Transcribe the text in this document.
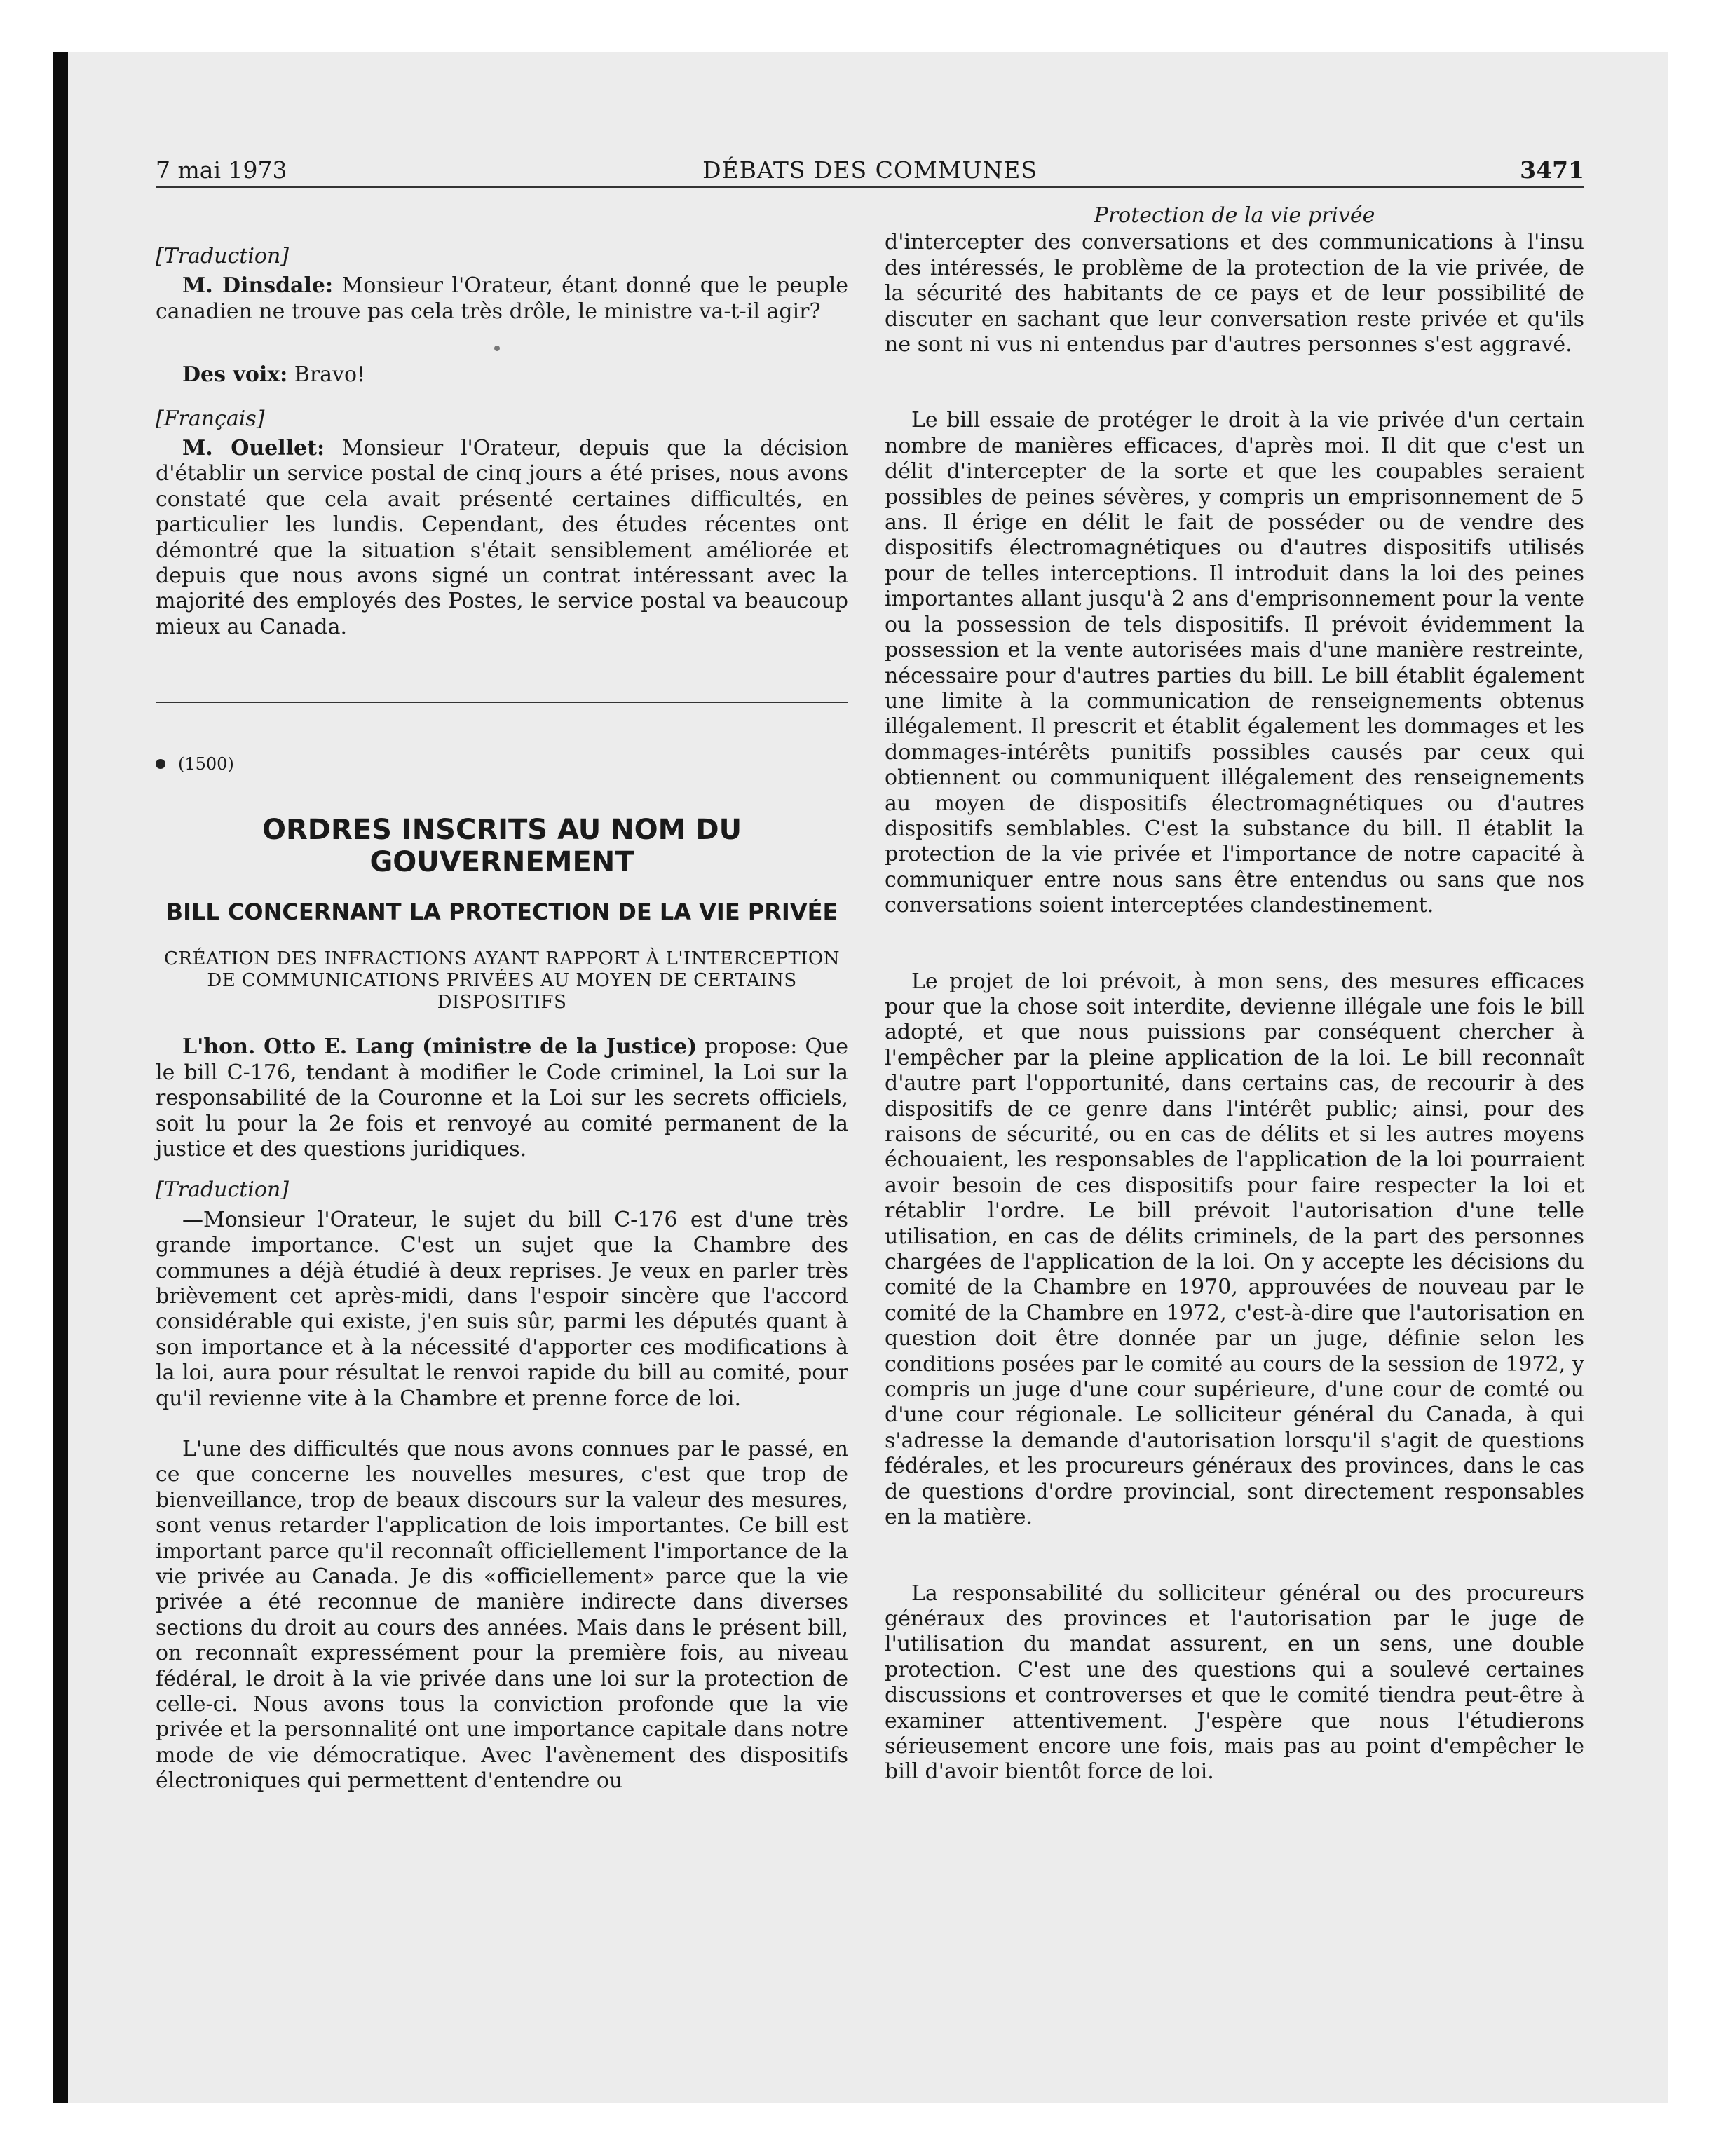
7 mai 1973	DÉBATS DES COMMUNES	3471

[Traduction]

M. Dinsdale: Monsieur l'Orateur, étant donné que le peuple canadien ne trouve pas cela très drôle, le ministre va-t-il agir?

Des voix: Bravo!

[Français]

M. Ouellet: Monsieur l'Orateur, depuis que la décision d'établir un service postal de cinq jours a été prises, nous avons constaté que cela avait présenté certaines difficultés, en particulier les lundis. Cependant, des études récentes ont démontré que la situation s'était sensiblement améliorée et depuis que nous avons signé un contrat intéressant avec la majorité des employés des Postes, le service postal va beaucoup mieux au Canada.

(1500)

ORDRES INSCRITS AU NOM DU GOUVERNEMENT

BILL CONCERNANT LA PROTECTION DE LA VIE PRIVÉE

CRÉATION DES INFRACTIONS AYANT RAPPORT À L'INTERCEPTION DE COMMUNICATIONS PRIVÉES AU MOYEN DE CERTAINS DISPOSITIFS

L'hon. Otto E. Lang (ministre de la Justice) propose: Que le bill C-176, tendant à modifier le Code criminel, la Loi sur la responsabilité de la Couronne et la Loi sur les secrets officiels, soit lu pour la 2e fois et renvoyé au comité permanent de la justice et des questions juridiques.

[Traduction]

—Monsieur l'Orateur, le sujet du bill C-176 est d'une très grande importance. C'est un sujet que la Chambre des communes a déjà étudié à deux reprises. Je veux en parler très brièvement cet après-midi, dans l'espoir sincère que l'accord considérable qui existe, j'en suis sûr, parmi les députés quant à son importance et à la nécessité d'apporter ces modifications à la loi, aura pour résultat le renvoi rapide du bill au comité, pour qu'il revienne vite à la Chambre et prenne force de loi.

L'une des difficultés que nous avons connues par le passé, en ce que concerne les nouvelles mesures, c'est que trop de bienveillance, trop de beaux discours sur la valeur des mesures, sont venus retarder l'application de lois importantes. Ce bill est important parce qu'il reconnaît officiellement l'importance de la vie privée au Canada. Je dis «officiellement» parce que la vie privée a été reconnue de manière indirecte dans diverses sections du droit au cours des années. Mais dans le présent bill, on reconnaît expressément pour la première fois, au niveau fédéral, le droit à la vie privée dans une loi sur la protection de celle-ci. Nous avons tous la conviction profonde que la vie privée et la personnalité ont une importance capitale dans notre mode de vie démocratique. Avec l'avènement des dispositifs électroniques qui permettent d'entendre ou

Protection de la vie privée

d'intercepter des conversations et des communications à l'insu des intéressés, le problème de la protection de la vie privée, de la sécurité des habitants de ce pays et de leur possibilité de discuter en sachant que leur conversation reste privée et qu'ils ne sont ni vus ni entendus par d'autres personnes s'est aggravé.

Le bill essaie de protéger le droit à la vie privée d'un certain nombre de manières efficaces, d'après moi. Il dit que c'est un délit d'intercepter de la sorte et que les coupables seraient possibles de peines sévères, y compris un emprisonnement de 5 ans. Il érige en délit le fait de posséder ou de vendre des dispositifs électromagnétiques ou d'autres dispositifs utilisés pour de telles interceptions. Il introduit dans la loi des peines importantes allant jusqu'à 2 ans d'emprisonnement pour la vente ou la possession de tels dispositifs. Il prévoit évidemment la possession et la vente autorisées mais d'une manière restreinte, nécessaire pour d'autres parties du bill. Le bill établit également une limite à la communication de renseignements obtenus illégalement. Il prescrit et établit également les dommages et les dommages-intérêts punitifs possibles causés par ceux qui obtiennent ou communiquent illégalement des renseignements au moyen de dispositifs électromagnétiques ou d'autres dispositifs semblables. C'est la substance du bill. Il établit la protection de la vie privée et l'importance de notre capacité à communiquer entre nous sans être entendus ou sans que nos conversations soient interceptées clandestinement.

Le projet de loi prévoit, à mon sens, des mesures efficaces pour que la chose soit interdite, devienne illégale une fois le bill adopté, et que nous puissions par conséquent chercher à l'empêcher par la pleine application de la loi. Le bill reconnaît d'autre part l'opportunité, dans certains cas, de recourir à des dispositifs de ce genre dans l'intérêt public; ainsi, pour des raisons de sécurité, ou en cas de délits et si les autres moyens échouaient, les responsables de l'application de la loi pourraient avoir besoin de ces dispositifs pour faire respecter la loi et rétablir l'ordre. Le bill prévoit l'autorisation d'une telle utilisation, en cas de délits criminels, de la part des personnes chargées de l'application de la loi. On y accepte les décisions du comité de la Chambre en 1970, approuvées de nouveau par le comité de la Chambre en 1972, c'est-à-dire que l'autorisation en question doit être donnée par un juge, définie selon les conditions posées par le comité au cours de la session de 1972, y compris un juge d'une cour supérieure, d'une cour de comté ou d'une cour régionale. Le solliciteur général du Canada, à qui s'adresse la demande d'autorisation lorsqu'il s'agit de questions fédérales, et les procureurs généraux des provinces, dans le cas de questions d'ordre provincial, sont directement responsables en la matière.

La responsabilité du solliciteur général ou des procureurs généraux des provinces et l'autorisation par le juge de l'utilisation du mandat assurent, en un sens, une double protection. C'est une des questions qui a soulevé certaines discussions et controverses et que le comité tiendra peut-être à examiner attentivement. J'espère que nous l'étudierons sérieusement encore une fois, mais pas au point d'empêcher le bill d'avoir bientôt force de loi.
